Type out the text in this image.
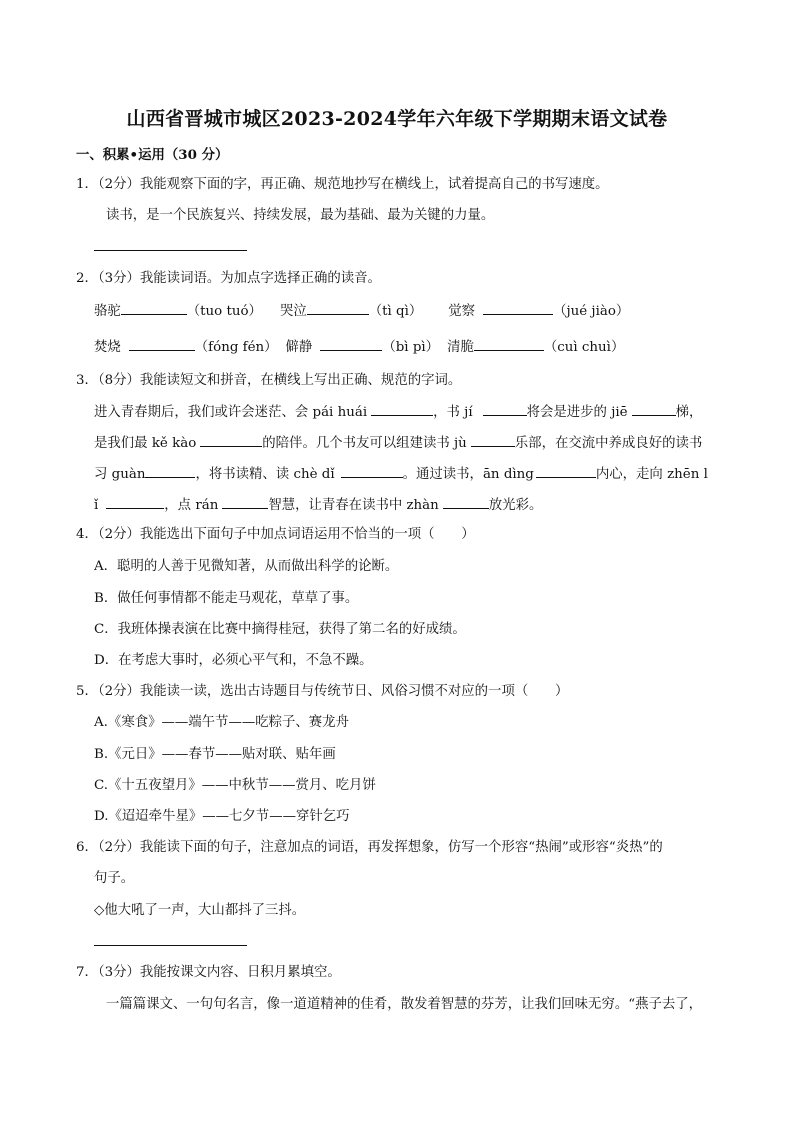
山西省晋城市城区2023-2024学年六年级下学期期末语文试卷
一、积累•运用（30 分）
1．（2分）我能观察下面的字，再正确、规范地抄写在横线上，试着提高自己的书写速度。
读书，是一个民族复兴、持续发展，最为基础、最为关键的力量。
2．（3分）我能读词语。为加点字选择正确的读音。
骆驼	（tuo tuó） 哭泣	（tì qì） 觉察	（jué jiào）
焚烧	（fóng fén） 僻静	（bì pì） 清脆	（cuì chuì）
3．（8分）我能读短文和拼音，在横线上写出正确、规范的字词。
进入青春期后，我们或许会迷茫、会 pái huái	，书 jí	将会是进步的 jiē	梯，
是我们最 kě kào	的陪伴。几个书友可以组建读书 jù	乐部，在交流中养成良好的读书
习 guàn	，将书读精、读 chè dǐ	。通过读书，ān dìng	内心，走向 zhēn l
ǐ	，点 rán	智慧，让青春在读书中 zhàn	放光彩。
4．（2分）我能选出下面句子中加点词语运用不恰当的一项（　　）
A．聪明的人善于见微知著，从而做出科学的论断。
B．做任何事情都不能走马观花，草草了事。
C．我班体操表演在比赛中摘得桂冠，获得了第二名的好成绩。
D．在考虑大事时，必须心平气和，不急不躁。
5．（2分）我能读一读，选出古诗题目与传统节日、风俗习惯不对应的一项（　　）
A.《寒食》——端午节——吃粽子、赛龙舟
B.《元日》——春节——贴对联、贴年画
C.《十五夜望月》——中秋节——赏月、吃月饼
D.《迢迢牵牛星》——七夕节——穿针乞巧
6．（2分）我能读下面的句子，注意加点的词语，再发挥想象，仿写一个形容“热闹”或形容“炎热”的
句子。
◇他大吼了一声，大山都抖了三抖。
7．（3分）我能按课文内容、日积月累填空。
一篇篇课文、一句句名言，像一道道精神的佳肴，散发着智慧的芬芳，让我们回味无穷。“燕子去了，
